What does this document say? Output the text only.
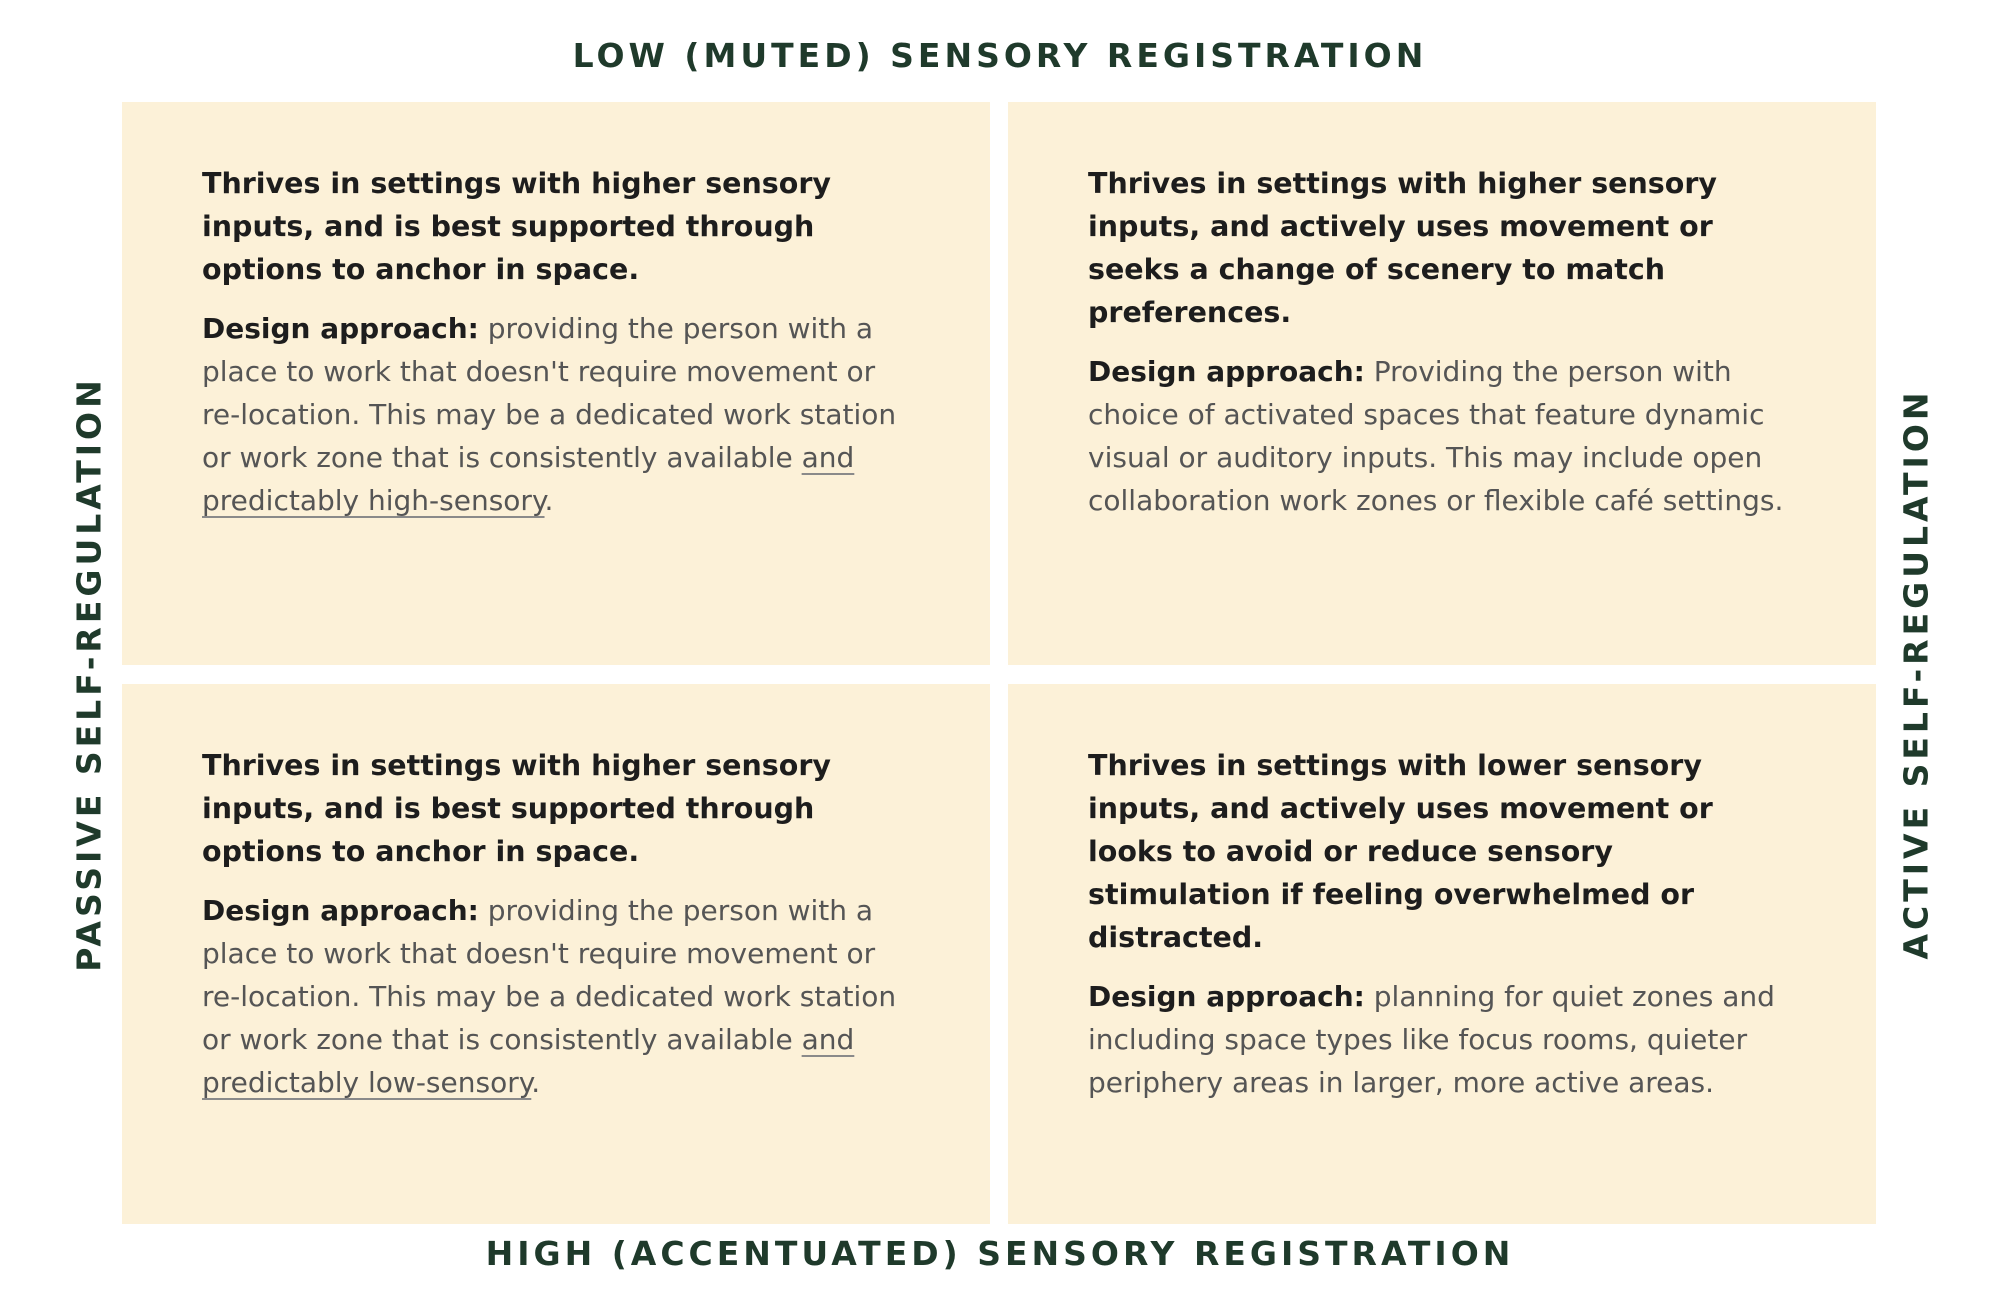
LOW (MUTED) SENSORY REGISTRATION
HIGH (ACCENTUATED) SENSORY REGISTRATION
PASSIVE SELF-REGULATION	ACTIVE SELF-REGULATION

Thrives in settings with higher sensory inputs, and is best supported through options to anchor in space.

Design approach: providing the person with a place to work that doesn't require movement or re-location. This may be a dedicated work station or work zone that is consistently available and predictably high-sensory.

Thrives in settings with higher sensory inputs, and actively uses movement or seeks a change of scenery to match preferences.

Design approach: Providing the person with choice of activated spaces that feature dynamic visual or auditory inputs. This may include open collaboration work zones or flexible café settings.

Thrives in settings with higher sensory inputs, and is best supported through options to anchor in space.

Design approach: providing the person with a place to work that doesn't require movement or re-location. This may be a dedicated work station or work zone that is consistently available and predictably low-sensory.

Thrives in settings with lower sensory inputs, and actively uses movement or looks to avoid or reduce sensory stimulation if feeling overwhelmed or distracted.

Design approach: planning for quiet zones and including space types like focus rooms, quieter periphery areas in larger, more active areas.
